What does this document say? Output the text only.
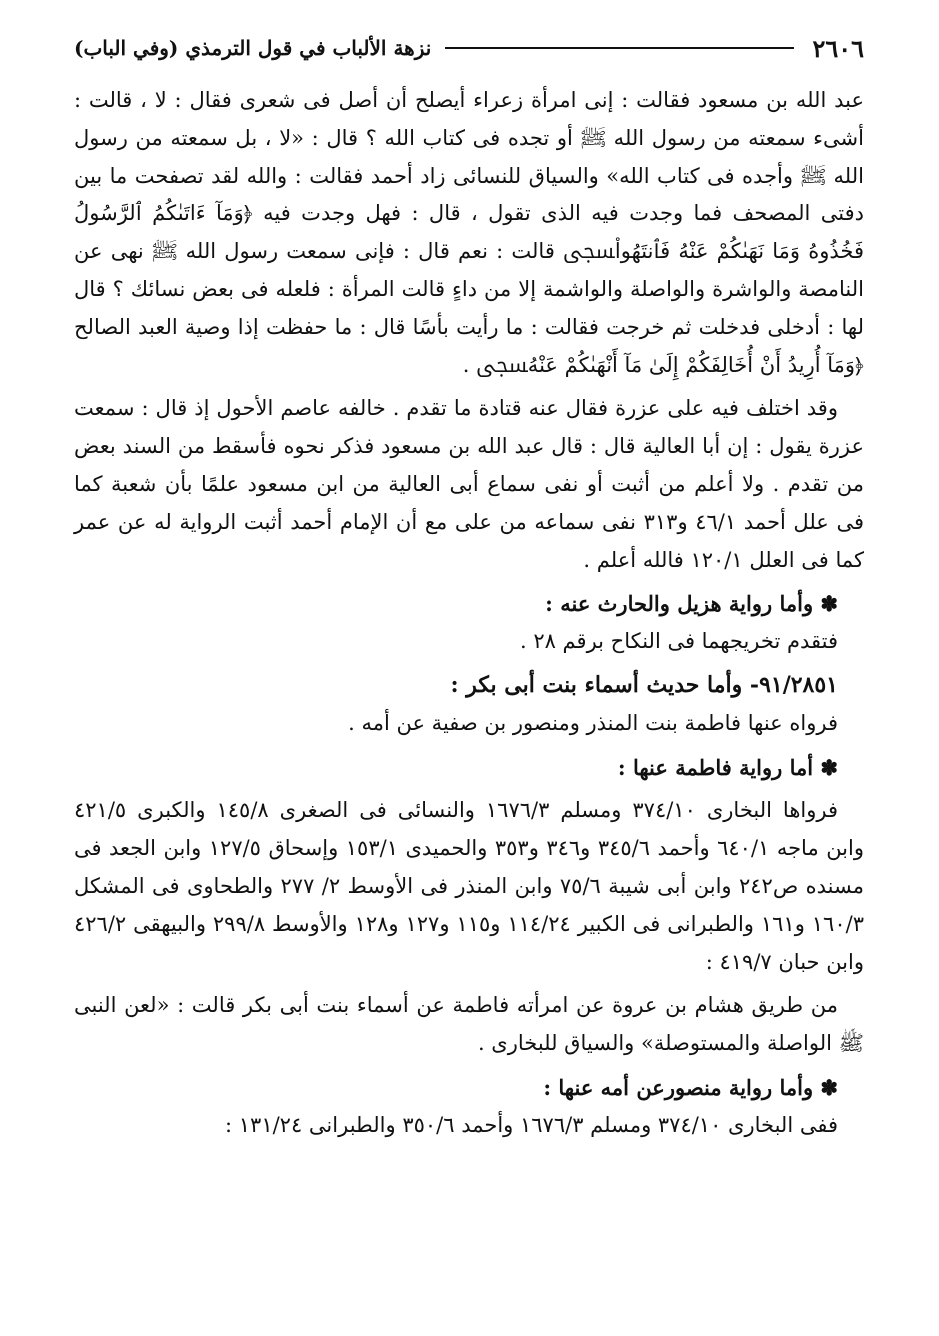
٢٦٠٦
نزهة الألباب في قول الترمذي (وفي الباب)

عبد الله بن مسعود فقالت : إنى امرأة زعراء أيصلح أن أصل فى شعرى فقال : لا ، قالت : أشىء سمعته من رسول الله ﷺ أو تجده فى كتاب الله ؟ قال : «لا ، بل سمعته من رسول الله ﷺ وأجده فى كتاب الله» والسياق للنسائى زاد أحمد فقالت : والله لقد تصفحت ما بين دفتى المصحف فما وجدت فيه الذى تقول ، قال : فهل وجدت فيه ﴿وَمَآ ءَاتَىٰكُمُ ٱلرَّسُولُ فَخُذُوهُ وَمَا نَهَىٰكُمْ عَنْهُ فَٱنتَهُوا۟ﵞ قالت : نعم قال : فإنى سمعت رسول الله ﷺ نهى عن النامصة والواشرة والواصلة والواشمة إلا من داءٍ قالت المرأة : فلعله فى بعض نسائك ؟ قال لها : أدخلى فدخلت ثم خرجت فقالت : ما رأيت بأسًا قال : ما حفظت إذا وصية العبد الصالح ﴿وَمَآ أُرِيدُ أَنْ أُخَالِفَكُمْ إِلَىٰ مَآ أَنْهَىٰكُمْ عَنْهُﵞ .

وقد اختلف فيه على عزرة فقال عنه قتادة ما تقدم . خالفه عاصم الأحول إذ قال : سمعت عزرة يقول : إن أبا العالية قال : قال عبد الله بن مسعود فذكر نحوه فأسقط من السند بعض من تقدم . ولا أعلم من أثبت أو نفى سماع أبى العالية من ابن مسعود علمًا بأن شعبة كما فى علل أحمد ٤٦/١ و٣١٣ نفى سماعه من على مع أن الإمام أحمد أثبت الرواية له عن عمر كما فى العلل ١٢٠/١ فالله أعلم .

✽ وأما رواية هزيل والحارث عنه :

فتقدم تخريجهما فى النكاح برقم ٢٨ .

٩١/٢٨٥١- وأما حديث أسماء بنت أبى بكر :

فرواه عنها فاطمة بنت المنذر ومنصور بن صفية عن أمه .

✽ أما رواية فاطمة عنها :

فرواها البخارى ٣٧٤/١٠ ومسلم ١٦٧٦/٣ والنسائى فى الصغرى ١٤٥/٨ والكبرى ٤٢١/٥ وابن ماجه ٦٤٠/١ وأحمد ٣٤٥/٦ و٣٤٦ و٣٥٣ والحميدى ١٥٣/١ وإسحاق ١٢٧/٥ وابن الجعد فى مسنده ص٢٤٢ وابن أبى شيبة ٧٥/٦ وابن المنذر فى الأوسط ٢/ ٢٧٧ والطحاوى فى المشكل ١٦٠/٣ و١٦١ والطبرانى فى الكبير ١١٤/٢٤ و١١٥ و١٢٧ و١٢٨ والأوسط ٢٩٩/٨ والبيهقى ٤٢٦/٢ وابن حبان ٤١٩/٧ :

من طريق هشام بن عروة عن امرأته فاطمة عن أسماء بنت أبى بكر قالت : «لعن النبى ﷺ الواصلة والمستوصلة» والسياق للبخارى .

✽ وأما رواية منصورعن أمه عنها :

ففى البخارى ٣٧٤/١٠ ومسلم ١٦٧٦/٣ وأحمد ٣٥٠/٦ والطبرانى ١٣١/٢٤ :
